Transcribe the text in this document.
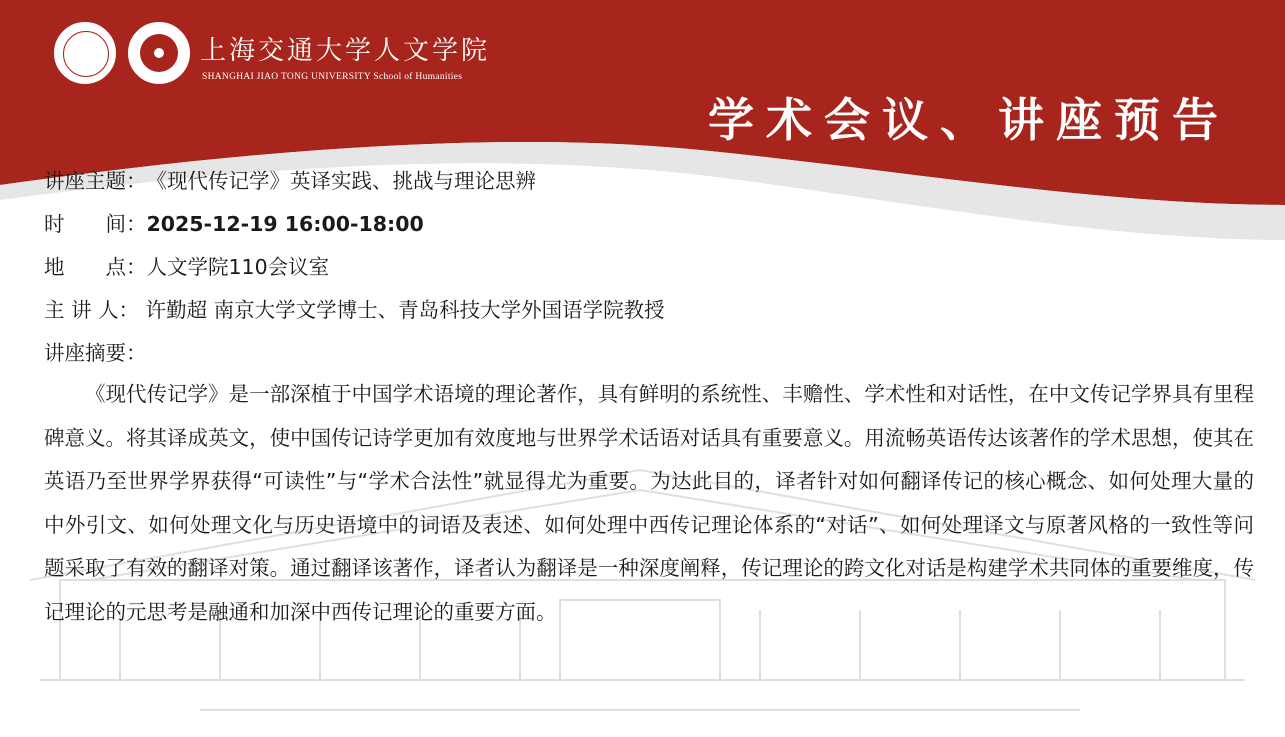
上海交通大学人文学院
SHANGHAI JIAO TONG UNIVERSITY School of Humanities
学术会议、讲座预告
讲座主题：《现代传记学》英译实践、挑战与理论思辨
时　　间：2025-12-19 16:00-18:00
地　　点：人文学院110会议室
主 讲 人： 许勤超 南京大学文学博士、青岛科技大学外国语学院教授
讲座摘要：
《现代传记学》是一部深植于中国学术语境的理论著作，具有鲜明的系统性、丰赡性、学术性和对话性，在中文传记学界具有里程碑意义。将其译成英文，使中国传记诗学更加有效度地与世界学术话语对话具有重要意义。用流畅英语传达该著作的学术思想，使其在英语乃至世界学界获得“可读性”与“学术合法性”就显得尤为重要。为达此目的，译者针对如何翻译传记的核心概念、如何处理大量的中外引文、如何处理文化与历史语境中的词语及表述、如何处理中西传记理论体系的“对话”、如何处理译文与原著风格的一致性等问题采取了有效的翻译对策。通过翻译该著作，译者认为翻译是一种深度阐释，传记理论的跨文化对话是构建学术共同体的重要维度，传记理论的元思考是融通和加深中西传记理论的重要方面。
